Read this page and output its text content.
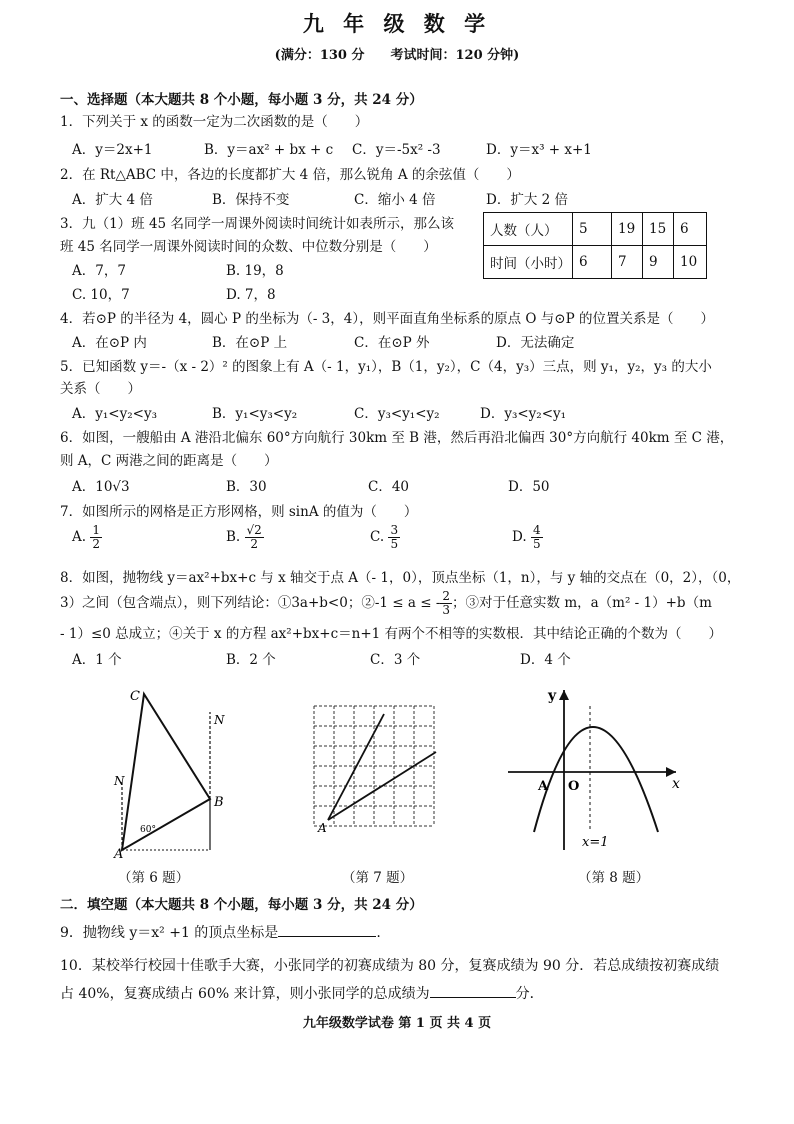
九 年 级 数 学
(满分：130 分　　考试时间：120 分钟)
一、选择题（本大题共 8 个小题，每小题 3 分，共 24 分）
1．下列关于 x 的函数一定为二次函数的是（　　）
A．y＝2x+1	B．y＝ax² + bx + c C．y＝-5x² -3	D．y＝x³ + x+1
2．在 Rt△ABC 中，各边的长度都扩大 4 倍，那么锐角 A 的余弦值（　　）
A．扩大 4 倍	B．保持不变	C．缩小 4 倍	D．扩大 2 倍
3．九（1）班 45 名同学一周课外阅读时间统计如表所示，那么该
班 45 名同学一周课外阅读时间的众数、中位数分别是（　　）
A．7，7	B. 19，8
C. 10，7	D. 7，8
人数（人）	5	19	15	6
时间（小时）	6	7	9	10
4．若⊙P 的半径为 4，圆心 P 的坐标为（- 3，4），则平面直角坐标系的原点 O 与⊙P 的位置关系是（　　）
A．在⊙P 内	B．在⊙P 上	C．在⊙P 外	D．无法确定
5．已知函数 y＝-（x - 2）² 的图象上有 A（- 1，y₁），B（1，y₂），C（4，y₃）三点，则 y₁，y₂，y₃ 的大小
关系（　　）
A．y₁<y₂<y₃	B．y₁<y₃<y₂	C．y₃<y₁<y₂	D．y₃<y₂<y₁
6．如图，一艘船由 A 港沿北偏东 60°方向航行 30km 至 B 港，然后再沿北偏西 30°方向航行 40km 至 C 港，
则 A，C 两港之间的距离是（　　）
A．10√3	B．30	C．40	D．50
7．如图所示的网格是正方形网格，则 sinA 的值为（　　）
A. $\frac{1}{2}$	B. $\frac{√2}{2}$	C. $\frac{3}{5}$	D. $\frac{4}{5}$
8．如图，抛物线 y＝ax²+bx+c 与 x 轴交于点 A（- 1，0），顶点坐标（1，n），与 y 轴的交点在（0，2），（0，
3）之间（包含端点），则下列结论：①3a+b<0；②-1 ≤ a ≤ - $\frac{2}{3}$ ；③对于任意实数 m，a（m² - 1）+b（m
- 1）≤0 总成立；④关于 x 的方程 ax²+bx+c＝n+1 有两个不相等的实数根．其中结论正确的个数为（　　）
A．1 个	B．2 个	C．3 个	D．4 个
C
N
N
B
A
60°
（第 6 题）
A
（第 7 题）
y
x
A O
x=1
（第 8 题）
二．填空题（本大题共 8 个小题，每小题 3 分，共 24 分）
9．抛物线 y＝x² +1 的顶点坐标是	.
10．某校举行校园十佳歌手大赛，小张同学的初赛成绩为 80 分，复赛成绩为 90 分．若总成绩按初赛成绩
占 40%，复赛成绩占 60% 来计算，则小张同学的总成绩为	分．
九年级数学试卷 第 1 页 共 4 页
